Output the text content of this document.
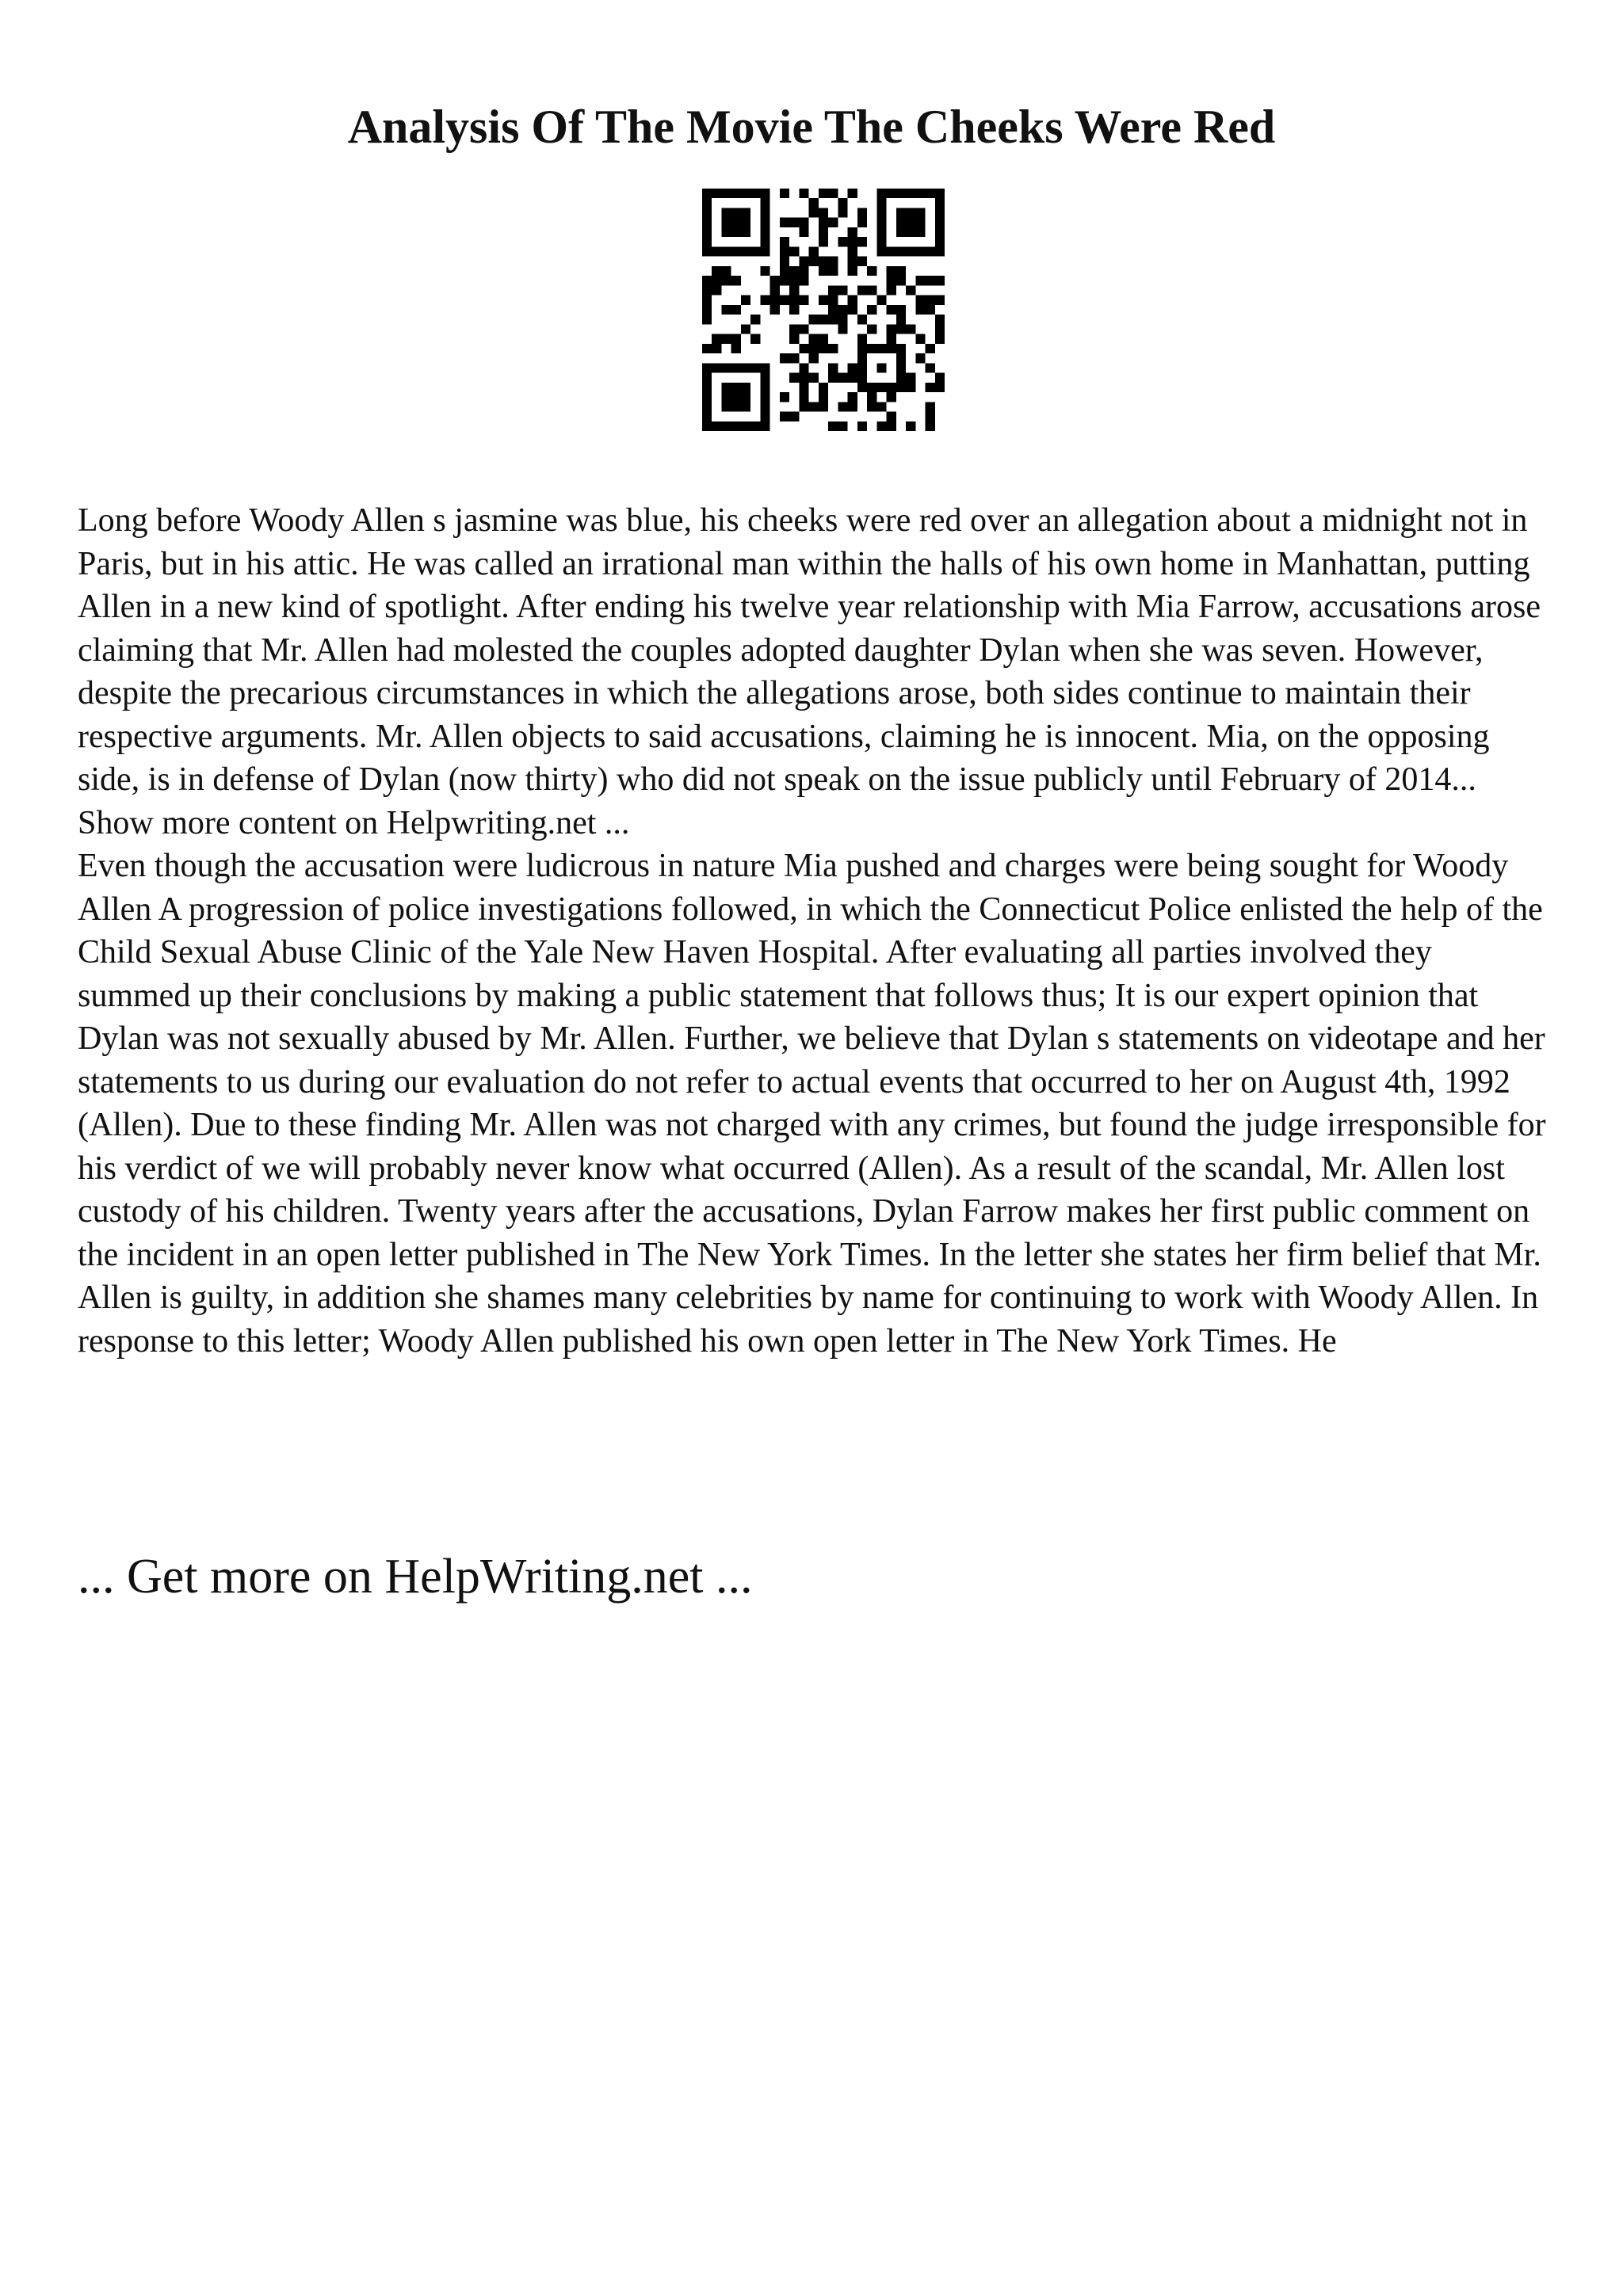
Analysis Of The Movie The Cheeks Were Red

Long before Woody Allen s jasmine was blue, his cheeks were red over an allegation about a midnight not in Paris, but in his attic. He was called an irrational man within the halls of his own home in Manhattan, putting Allen in a new kind of spotlight. After ending his twelve year relationship with Mia Farrow, accusations arose claiming that Mr. Allen had molested the couples adopted daughter Dylan when she was seven. However, despite the precarious circumstances in which the allegations arose, both sides continue to maintain their respective arguments. Mr. Allen objects to said accusations, claiming he is innocent. Mia, on the opposing side, is in defense of Dylan (now thirty) who did not speak on the issue publicly until February of 2014... Show more content on Helpwriting.net ...

Even though the accusation were ludicrous in nature Mia pushed and charges were being sought for Woody Allen A progression of police investigations followed, in which the Connecticut Police enlisted the help of the Child Sexual Abuse Clinic of the Yale New Haven Hospital. After evaluating all parties involved they summed up their conclusions by making a public statement that follows thus; It is our expert opinion that Dylan was not sexually abused by Mr. Allen. Further, we believe that Dylan s statements on videotape and her statements to us during our evaluation do not refer to actual events that occurred to her on August 4th, 1992 (Allen). Due to these finding Mr. Allen was not charged with any crimes, but found the judge irresponsible for his verdict of we will probably never know what occurred (Allen). As a result of the scandal, Mr. Allen lost custody of his children. Twenty years after the accusations, Dylan Farrow makes her first public comment on the incident in an open letter published in The New York Times. In the letter she states her firm belief that Mr. Allen is guilty, in addition she shames many celebrities by name for continuing to work with Woody Allen. In response to this letter; Woody Allen published his own open letter in The New York Times. He

... Get more on HelpWriting.net ...
